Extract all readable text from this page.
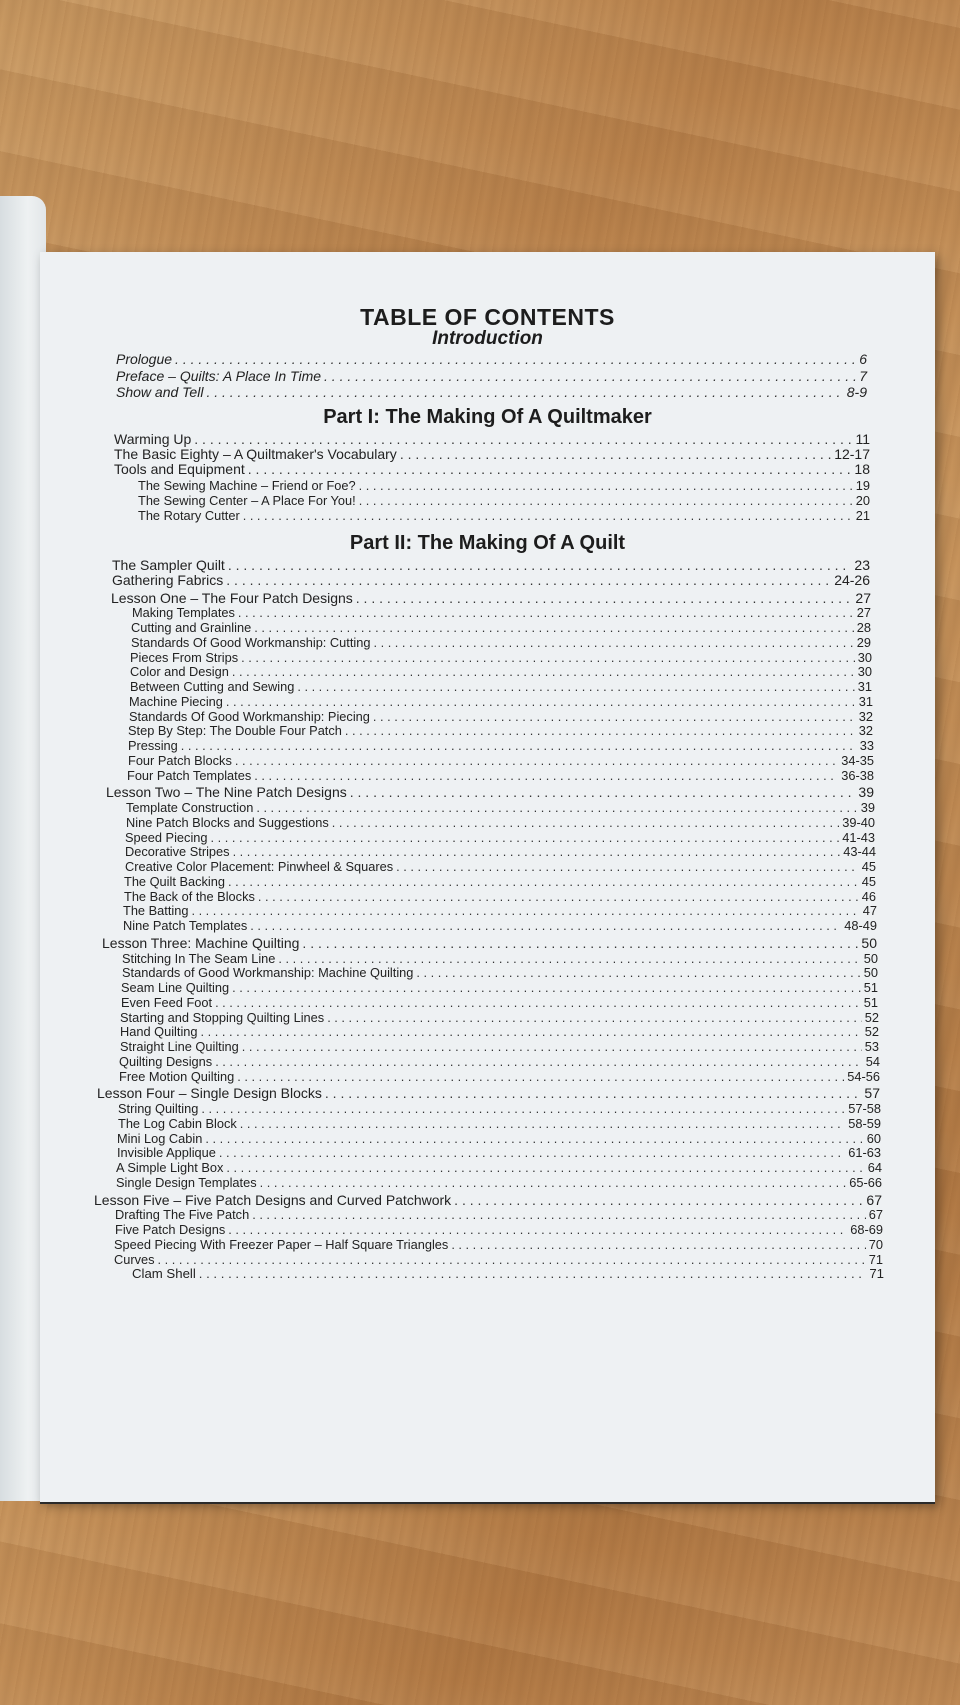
TABLE OF CONTENTS
Introduction
Prologue . . .	6
Preface – Quilts: A Place In Time . . .	7
Show and Tell . . .	8-9
Part I: The Making Of A Quiltmaker
Warming Up . . .	11
The Basic Eighty – A Quiltmaker's Vocabulary . . .	12-17
Tools and Equipment . . .	18
The Sewing Machine – Friend or Foe? . . .	19
The Sewing Center – A Place For You! . . .	20
The Rotary Cutter . . .	21
Part II: The Making Of A Quilt
The Sampler Quilt . . .	23
Gathering Fabrics . . .	24-26
Lesson One – The Four Patch Designs . . .	27
Making Templates . . .	27
Cutting and Grainline . . .	28
Standards Of Good Workmanship: Cutting . . .	29
Pieces From Strips . . .	30
Color and Design . . .	30
Between Cutting and Sewing . . .	31
Machine Piecing . . .	31
Standards Of Good Workmanship: Piecing . . .	32
Step By Step: The Double Four Patch . . .	32
Pressing . . .	33
Four Patch Blocks . . .	34-35
Four Patch Templates . . .	36-38
Lesson Two – The Nine Patch Designs . . .	39
Template Construction . . .	39
Nine Patch Blocks and Suggestions . . .	39-40
Speed Piecing . . .	41-43
Decorative Stripes . . .	43-44
Creative Color Placement: Pinwheel & Squares . . .	45
The Quilt Backing . . .	45
The Back of the Blocks . . .	46
The Batting . . .	47
Nine Patch Templates . . .	48-49
Lesson Three: Machine Quilting . . .	50
Stitching In The Seam Line . . .	50
Standards of Good Workmanship: Machine Quilting . . .	50
Seam Line Quilting . . .	51
Even Feed Foot . . .	51
Starting and Stopping Quilting Lines . . .	52
Hand Quilting . . .	52
Straight Line Quilting . . .	53
Quilting Designs . . .	54
Free Motion Quilting . . .	54-56
Lesson Four – Single Design Blocks . . .	57
String Quilting . . .	57-58
The Log Cabin Block . . .	58-59
Mini Log Cabin . . .	60
Invisible Applique . . .	61-63
A Simple Light Box . . .	64
Single Design Templates . . .	65-66
Lesson Five – Five Patch Designs and Curved Patchwork . . .	67
Drafting The Five Patch . . .	67
Five Patch Designs . . .	68-69
Speed Piecing With Freezer Paper – Half Square Triangles . . .	70
Curves . . .	71
Clam Shell . . .	71
